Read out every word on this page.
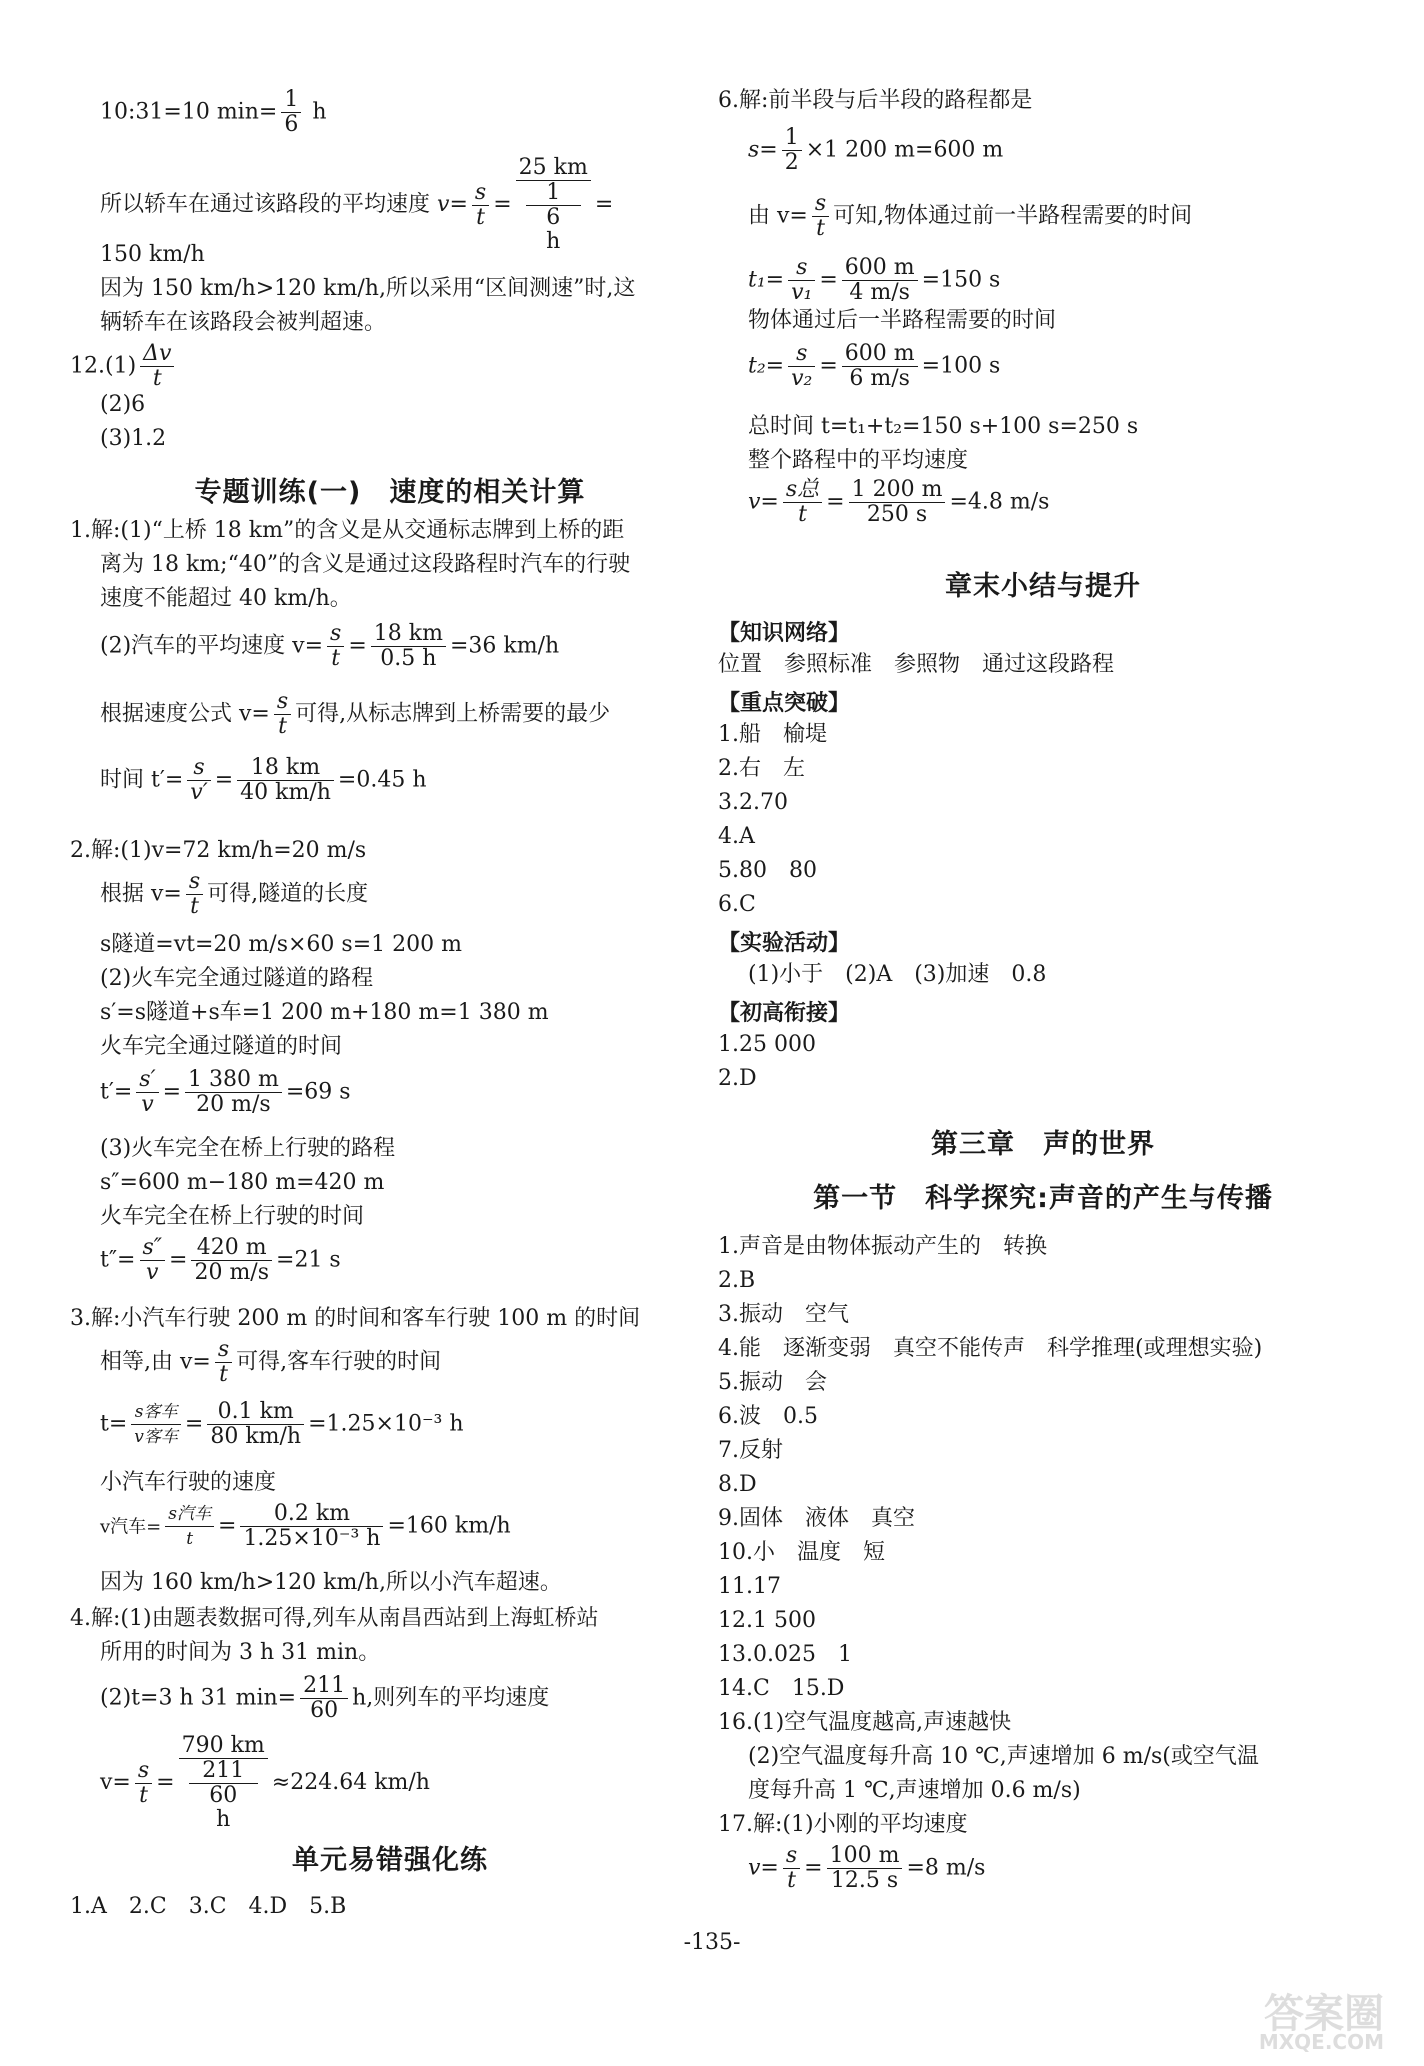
10:31=10 $\min= \frac{1}{6}$ h
所以轿车在通过该路段的平均速度 $v= \frac{s}{t} = 25$ km
1
6
h =
150 km/h
因为 150 km/h>120 km/h,所以采用“区间测速”时,这
辆轿车在该路段会被判超速。
$12.(1) \frac{\Delta v}{t}$
(2)6
(3)1.2
专题训练(一)　速度的相关计算
1.解:(1)“上桥 18 km”的含义是从交通标志牌到上桥的距
离为 18 km;“40”的含义是通过这段路程时汽车的行驶
速度不能超过 40 km/h。
(2)汽车的平均速度 $v= \frac{s}{t} = \frac{18 km}{0.5 h} =36$ km/h
根据速度公式 $v= \frac{s}{t}$ 可得,从标志牌到上桥需要的最少
时间 $t'= \frac{s}{v'} = \frac{18 km}{40 km/h} =0.45$ h
2.解:(1)v=72 km/h=20 m/s
根据 $v= \frac{s}{t}$ 可得,隧道的长度
s隧道=vt=20 m/s×60 s=1 200 m
(2)火车完全通过隧道的路程
s′=s隧道+s车=1 200 m+180 m=1 380 m
火车完全通过隧道的时间
$t'= \frac{s'}{v} = \frac{1 380 m}{20 m/s} =69$ s
(3)火车完全在桥上行驶的路程
s″=600 m−180 m=420 m
火车完全在桥上行驶的时间
$t''= \frac{s''}{v} = \frac{420 m}{20 m/s} =21$ s
3.解:小汽车行驶 200 m 的时间和客车行驶 100 m 的时间
相等,由 $v= \frac{s}{t}$ 可得,客车行驶的时间
$t= \frac{\text{s客车}}{\text{v客车}} = \frac{0.1 km}{80 km/h} =1.25\times 10^{-3}$ h
小汽车行驶的速度
v汽车= $\frac{\text{s汽车}}{t} = \frac{0.2 km}{\text{1.25×10⁻³ h}} =160$ km/h
因为 160 km/h>120 km/h,所以小汽车超速。
4.解:(1)由题表数据可得,列车从南昌西站到上海虹桥站
所用的时间为 3 h 31 min。
(2)t=3 h 31 $\min= \frac{211}{60} h$,则列车的平均速度
$v= \frac{s}{t} = 790$ km
211
60
h ≈224.64 km/h
单元易错强化练
1.A　2.C　3.C　4.D　5.B
6.解:前半段与后半段的路程都是
$s= \frac{1}{2} \times 1$ 200 m=600 m
由 $v= \frac{s}{t}$ 可知,物体通过前一半路程需要的时间
$t_1= \frac{s}{\text{v₁}} = \frac{600 m}{4 m/s} =150$ s
物体通过后一半路程需要的时间
$t_2= \frac{s}{\text{v₂}} = \frac{600 m}{6 m/s} =100$ s
总时间 t=t₁+t₂=150 s+100 s=250 s
整个路程中的平均速度
$v= \frac{\text{s总}}{t} = \frac{1 200 m}{250 s} =4.8$ m/s
章末小结与提升
【知识网络】
位置　参照标准　参照物　通过这段路程
【重点突破】
1.船　榆堤
2.右　左
3.2.70
4.A
5.80　80
6.C
【实验活动】
(1)小于　(2)A　(3)加速　0.8
【初高衔接】
1.25 000
2.D
第三章　声的世界
第一节　科学探究:声音的产生与传播
1.声音是由物体振动产生的　转换
2.B
3.振动　空气
4.能　逐渐变弱　真空不能传声　科学推理(或理想实验)
5.振动　会
6.波　0.5
7.反射
8.D
9.固体　液体　真空
10.小　温度　短
11.17
12.1 500
13.0.025　1
14.C　15.D
16.(1)空气温度越高,声速越快
(2)空气温度每升高 10 ℃,声速增加 6 m/s(或空气温
度每升高 1 ℃,声速增加 0.6 m/s)
17.解:(1)小刚的平均速度
$v= \frac{s}{t} = \frac{100 m}{12.5 s} =8$ m/s
-135-
答案圈
MXQE.COM
